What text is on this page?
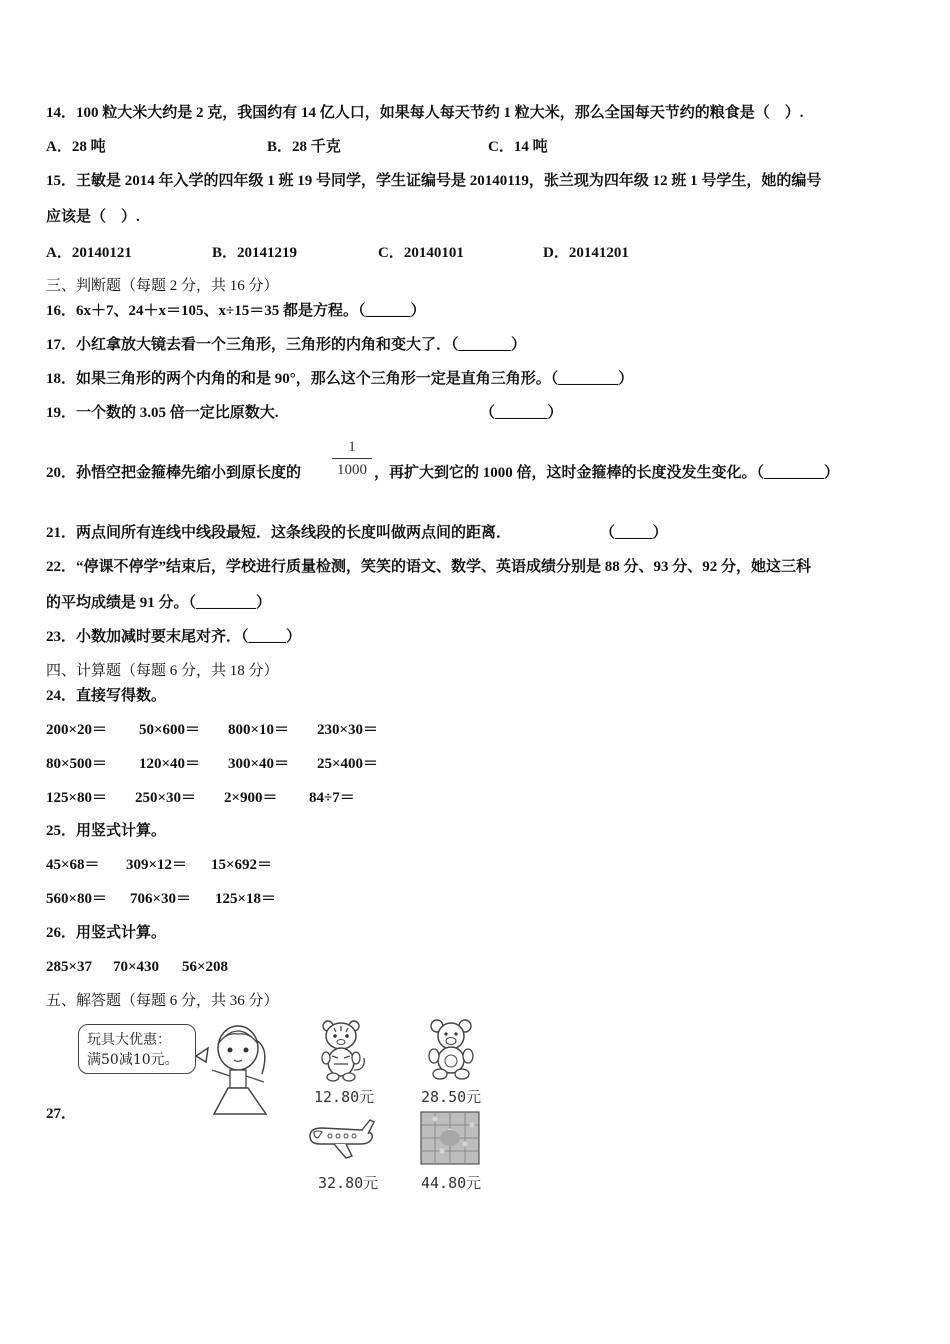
14．100 粒大米大约是 2 克，我国约有 14 亿人口，如果每人每天节约 1 粒大米，那么全国每天节约的粮食是（　）.
A．28 吨	B．28 千克	C．14 吨
15．王敏是 2014 年入学的四年级 1 班 19 号同学，学生证编号是 20140119，张兰现为四年级 12 班 1 号学生，她的编号
应该是（　）.
A．20140121	B．20141219	C．20140101	D．20141201
三、判断题（每题 2 分，共 16 分）
16．6x＋7、24＋x＝105、x÷15＝35 都是方程。（______）
17．小红拿放大镜去看一个三角形，三角形的内角和变大了．（_______）
18．如果三角形的两个内角的和是 90°，那么这个三角形一定是直角三角形。（________）
19．一个数的 3.05 倍一定比原数大.	（_______）
20．孙悟空把金箍棒先缩小到原长度的
1
1000 ，再扩大到它的 1000 倍，这时金箍棒的长度没发生变化。（________）
21．两点间所有连线中线段最短．这条线段的长度叫做两点间的距离．	（_____）
22．“停课不停学”结束后，学校进行质量检测，笑笑的语文、数学、英语成绩分别是 88 分、93 分、92 分，她这三科
的平均成绩是 91 分。（________）
23．小数加减时要末尾对齐．（_____）
四、计算题（每题 6 分，共 18 分）
24．直接写得数。
200×20＝ 50×600＝ 800×10＝ 230×30＝
80×500＝ 120×40＝ 300×40＝ 25×400＝
125×80＝ 250×30＝ 2×900＝ 84÷7＝
25．用竖式计算。
45×68＝ 309×12＝ 15×692＝
560×80＝ 706×30＝ 125×18＝
26．用竖式计算。
285×37 70×430 56×208
五、解答题（每题 6 分，共 36 分）
27．
玩具大优惠：
满50减10元。
12.80元	28.50元
32.80元	44.80元
